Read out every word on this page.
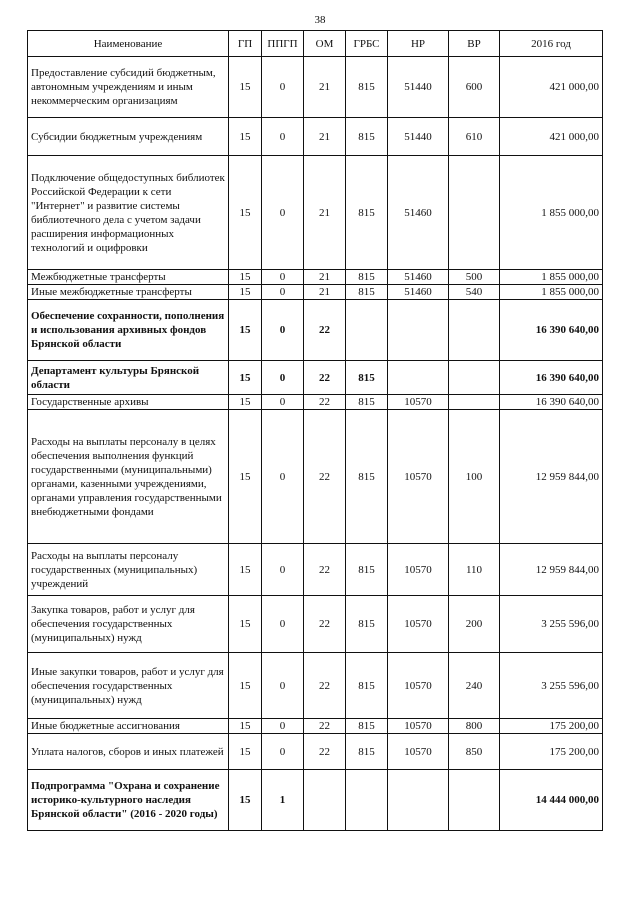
38
Наименование	ГП	ППГП	ОМ	ГРБС	НР	ВР	2016 год
Предоставление субсидий бюджетным, автономным учреждениям и иным некоммерческим организациям	15	0	21	815	51440	600	421 000,00
Субсидии бюджетным учреждениям	15	0	21	815	51440	610	421 000,00
Подключение общедоступных библиотек Российской Федерации к сети "Интернет" и развитие системы библиотечного дела с учетом задачи расширения информационных технологий и оцифровки	15	0	21	815	51460		1 855 000,00
Межбюджетные трансферты	15	0	21	815	51460	500	1 855 000,00
Иные межбюджетные трансферты	15	0	21	815	51460	540	1 855 000,00
Обеспечение сохранности, пополнения и использования архивных фондов Брянской области	15	0	22				16 390 640,00
Департамент культуры Брянской области	15	0	22	815			16 390 640,00
Государственные архивы	15	0	22	815	10570		16 390 640,00
Расходы на выплаты персоналу в целях обеспечения выполнения функций государственными (муниципальными) органами, казенными учреждениями, органами управления государственными внебюджетными фондами	15	0	22	815	10570	100	12 959 844,00
Расходы на выплаты персоналу государственных (муниципальных) учреждений	15	0	22	815	10570	110	12 959 844,00
Закупка товаров, работ и услуг для обеспечения государственных (муниципальных) нужд	15	0	22	815	10570	200	3 255 596,00
Иные закупки товаров, работ и услуг для обеспечения государственных (муниципальных) нужд	15	0	22	815	10570	240	3 255 596,00
Иные бюджетные ассигнования	15	0	22	815	10570	800	175 200,00
Уплата налогов, сборов и иных платежей	15	0	22	815	10570	850	175 200,00
Подпрограмма "Охрана и сохранение историко-культурного наследия Брянской области" (2016 - 2020 годы)	15	1					14 444 000,00
